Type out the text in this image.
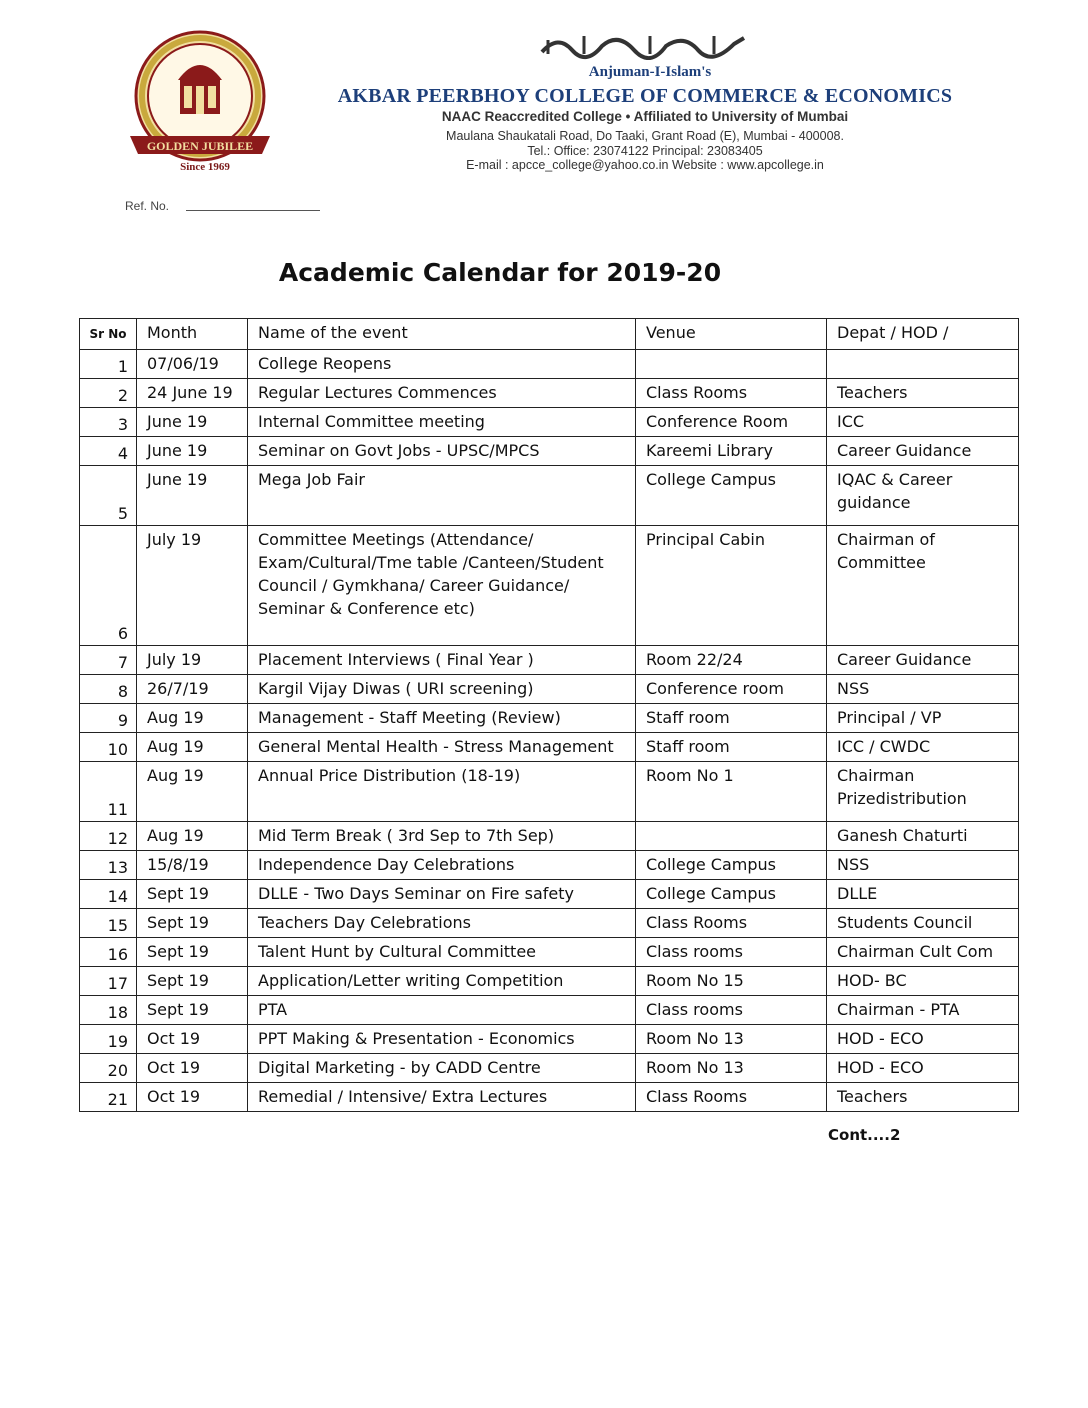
GOLDEN JUBILEE
Since 1969
Anjuman-I-Islam's
AKBAR PEERBHOY COLLEGE OF COMMERCE & ECONOMICS
NAAC Reaccredited College • Affiliated to University of Mumbai
Maulana Shaukatali Road, Do Taaki, Grant Road (E), Mumbai - 400008.
Tel.: Office: 23074122 Principal: 23083405
E-mail : apcce_college@yahoo.co.in Website : www.apcollege.in
Ref. No.
Academic Calendar for 2019-20
Sr No	Month	Name of the event	Venue	Depat / HOD /
1	07/06/19	College Reopens		
2	24 June 19	Regular Lectures Commences	Class Rooms	Teachers
3	June 19	Internal Committee meeting	Conference Room	ICC
4	June 19	Seminar on Govt Jobs - UPSC/MPCS	Kareemi Library	Career Guidance
5	June 19	Mega Job Fair	College Campus	IQAC & Career guidance
6	July 19	Committee Meetings (Attendance/ Exam/Cultural/Tme table /Canteen/Student Council / Gymkhana/ Career Guidance/ Seminar & Conference etc)	Principal Cabin	Chairman of Committee
7	July 19	Placement Interviews ( Final Year )	Room 22/24	Career Guidance
8	26/7/19	Kargil Vijay Diwas ( URI screening)	Conference room	NSS
9	Aug 19	Management - Staff Meeting (Review)	Staff room	Principal / VP
10	Aug 19	General Mental Health - Stress Management	Staff room	ICC / CWDC
11	Aug 19	Annual Price Distribution (18-19)	Room No 1	Chairman Prizedistribution
12	Aug 19	Mid Term Break ( 3rd Sep to 7th Sep)		Ganesh Chaturti
13	15/8/19	Independence Day Celebrations	College Campus	NSS
14	Sept 19	DLLE - Two Days Seminar on Fire safety	College Campus	DLLE
15	Sept 19	Teachers Day Celebrations	Class Rooms	Students Council
16	Sept 19	Talent Hunt by Cultural Committee	Class rooms	Chairman Cult Com
17	Sept 19	Application/Letter writing Competition	Room No 15	HOD- BC
18	Sept 19	PTA	Class rooms	Chairman - PTA
19	Oct 19	PPT Making & Presentation - Economics	Room No 13	HOD - ECO
20	Oct 19	Digital Marketing - by CADD Centre	Room No 13	HOD - ECO
21	Oct 19	Remedial / Intensive/ Extra Lectures	Class Rooms	Teachers
Cont....2
